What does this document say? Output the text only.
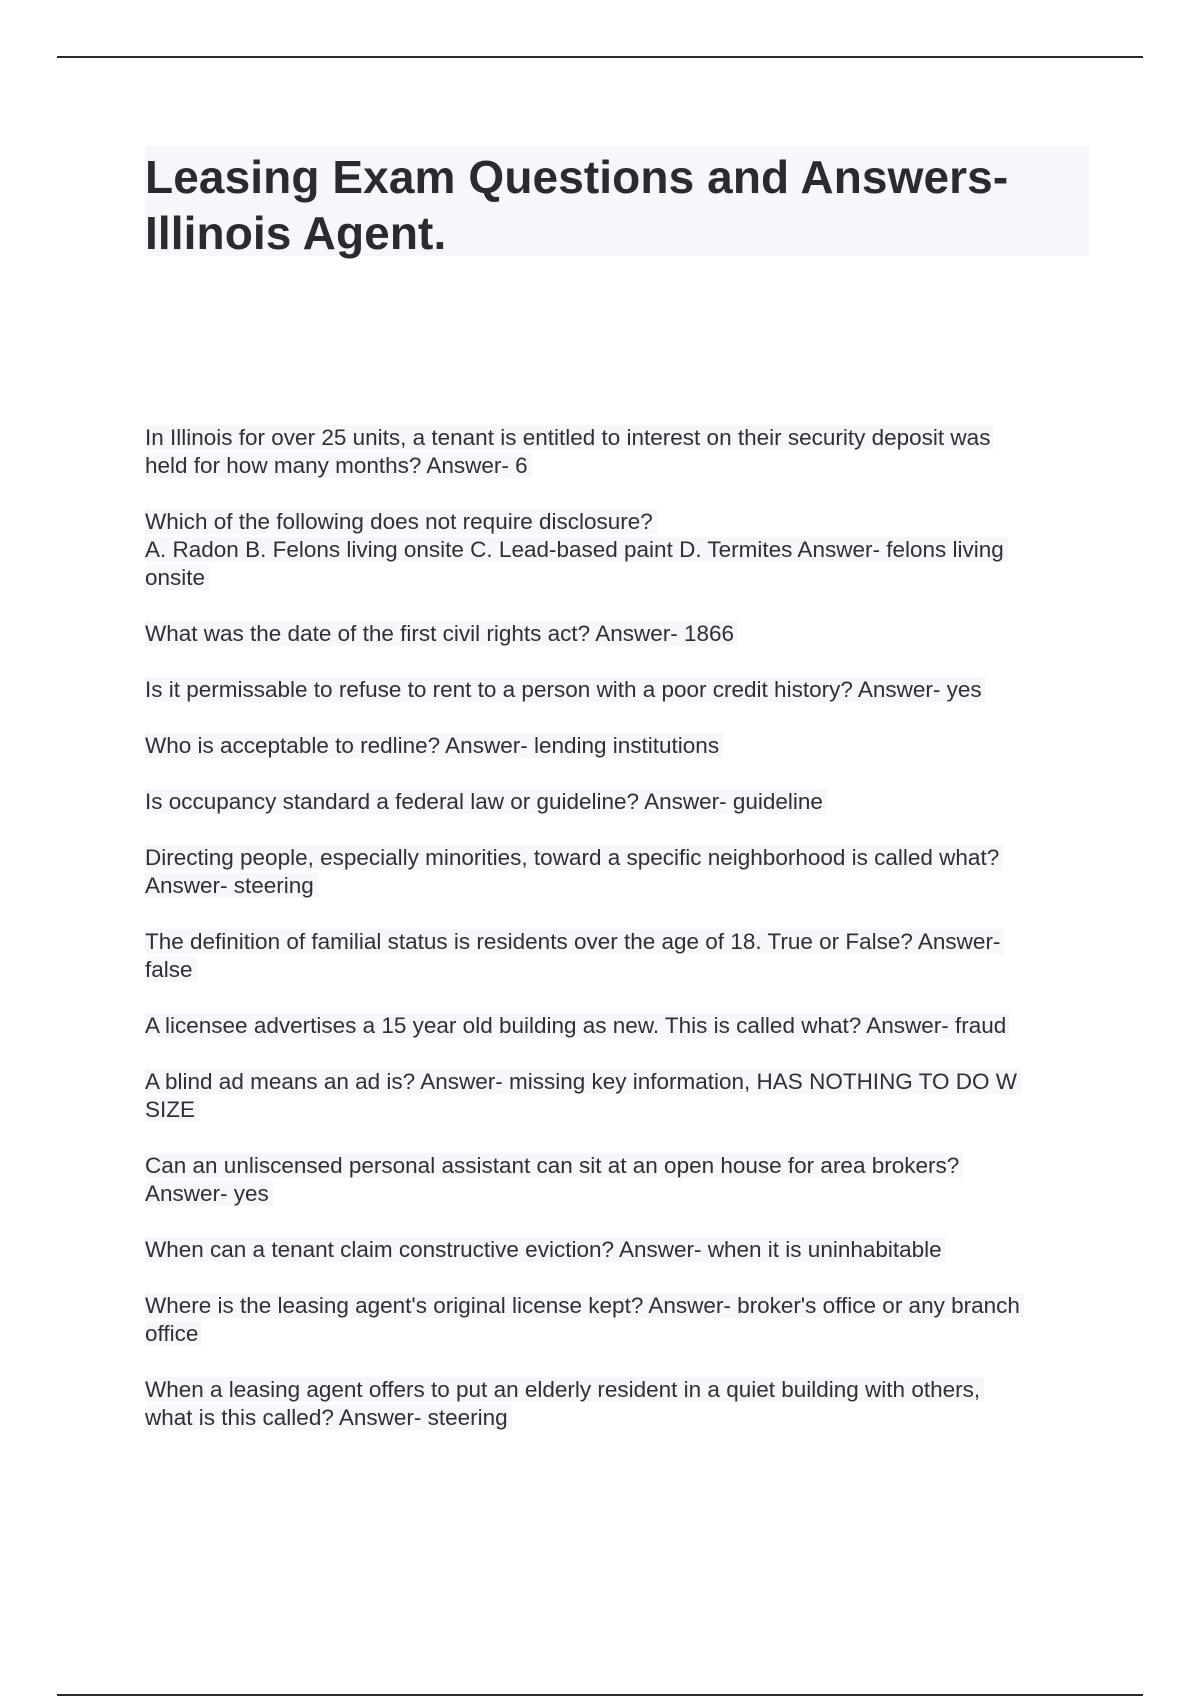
Leasing Exam Questions and Answers-
Illinois Agent.

In Illinois for over 25 units, a tenant is entitled to interest on their security deposit was
held for how many months? Answer- 6

Which of the following does not require disclosure?
A. Radon B. Felons living onsite C. Lead-based paint D. Termites Answer- felons living
onsite

What was the date of the first civil rights act? Answer- 1866

Is it permissable to refuse to rent to a person with a poor credit history? Answer- yes

Who is acceptable to redline? Answer- lending institutions

Is occupancy standard a federal law or guideline? Answer- guideline

Directing people, especially minorities, toward a specific neighborhood is called what?
Answer- steering

The definition of familial status is residents over the age of 18. True or False? Answer-
false

A licensee advertises a 15 year old building as new. This is called what? Answer- fraud

A blind ad means an ad is? Answer- missing key information, HAS NOTHING TO DO W
SIZE

Can an unliscensed personal assistant can sit at an open house for area brokers?
Answer- yes

When can a tenant claim constructive eviction? Answer- when it is uninhabitable

Where is the leasing agent's original license kept? Answer- broker's office or any branch
office

When a leasing agent offers to put an elderly resident in a quiet building with others,
what is this called? Answer- steering
